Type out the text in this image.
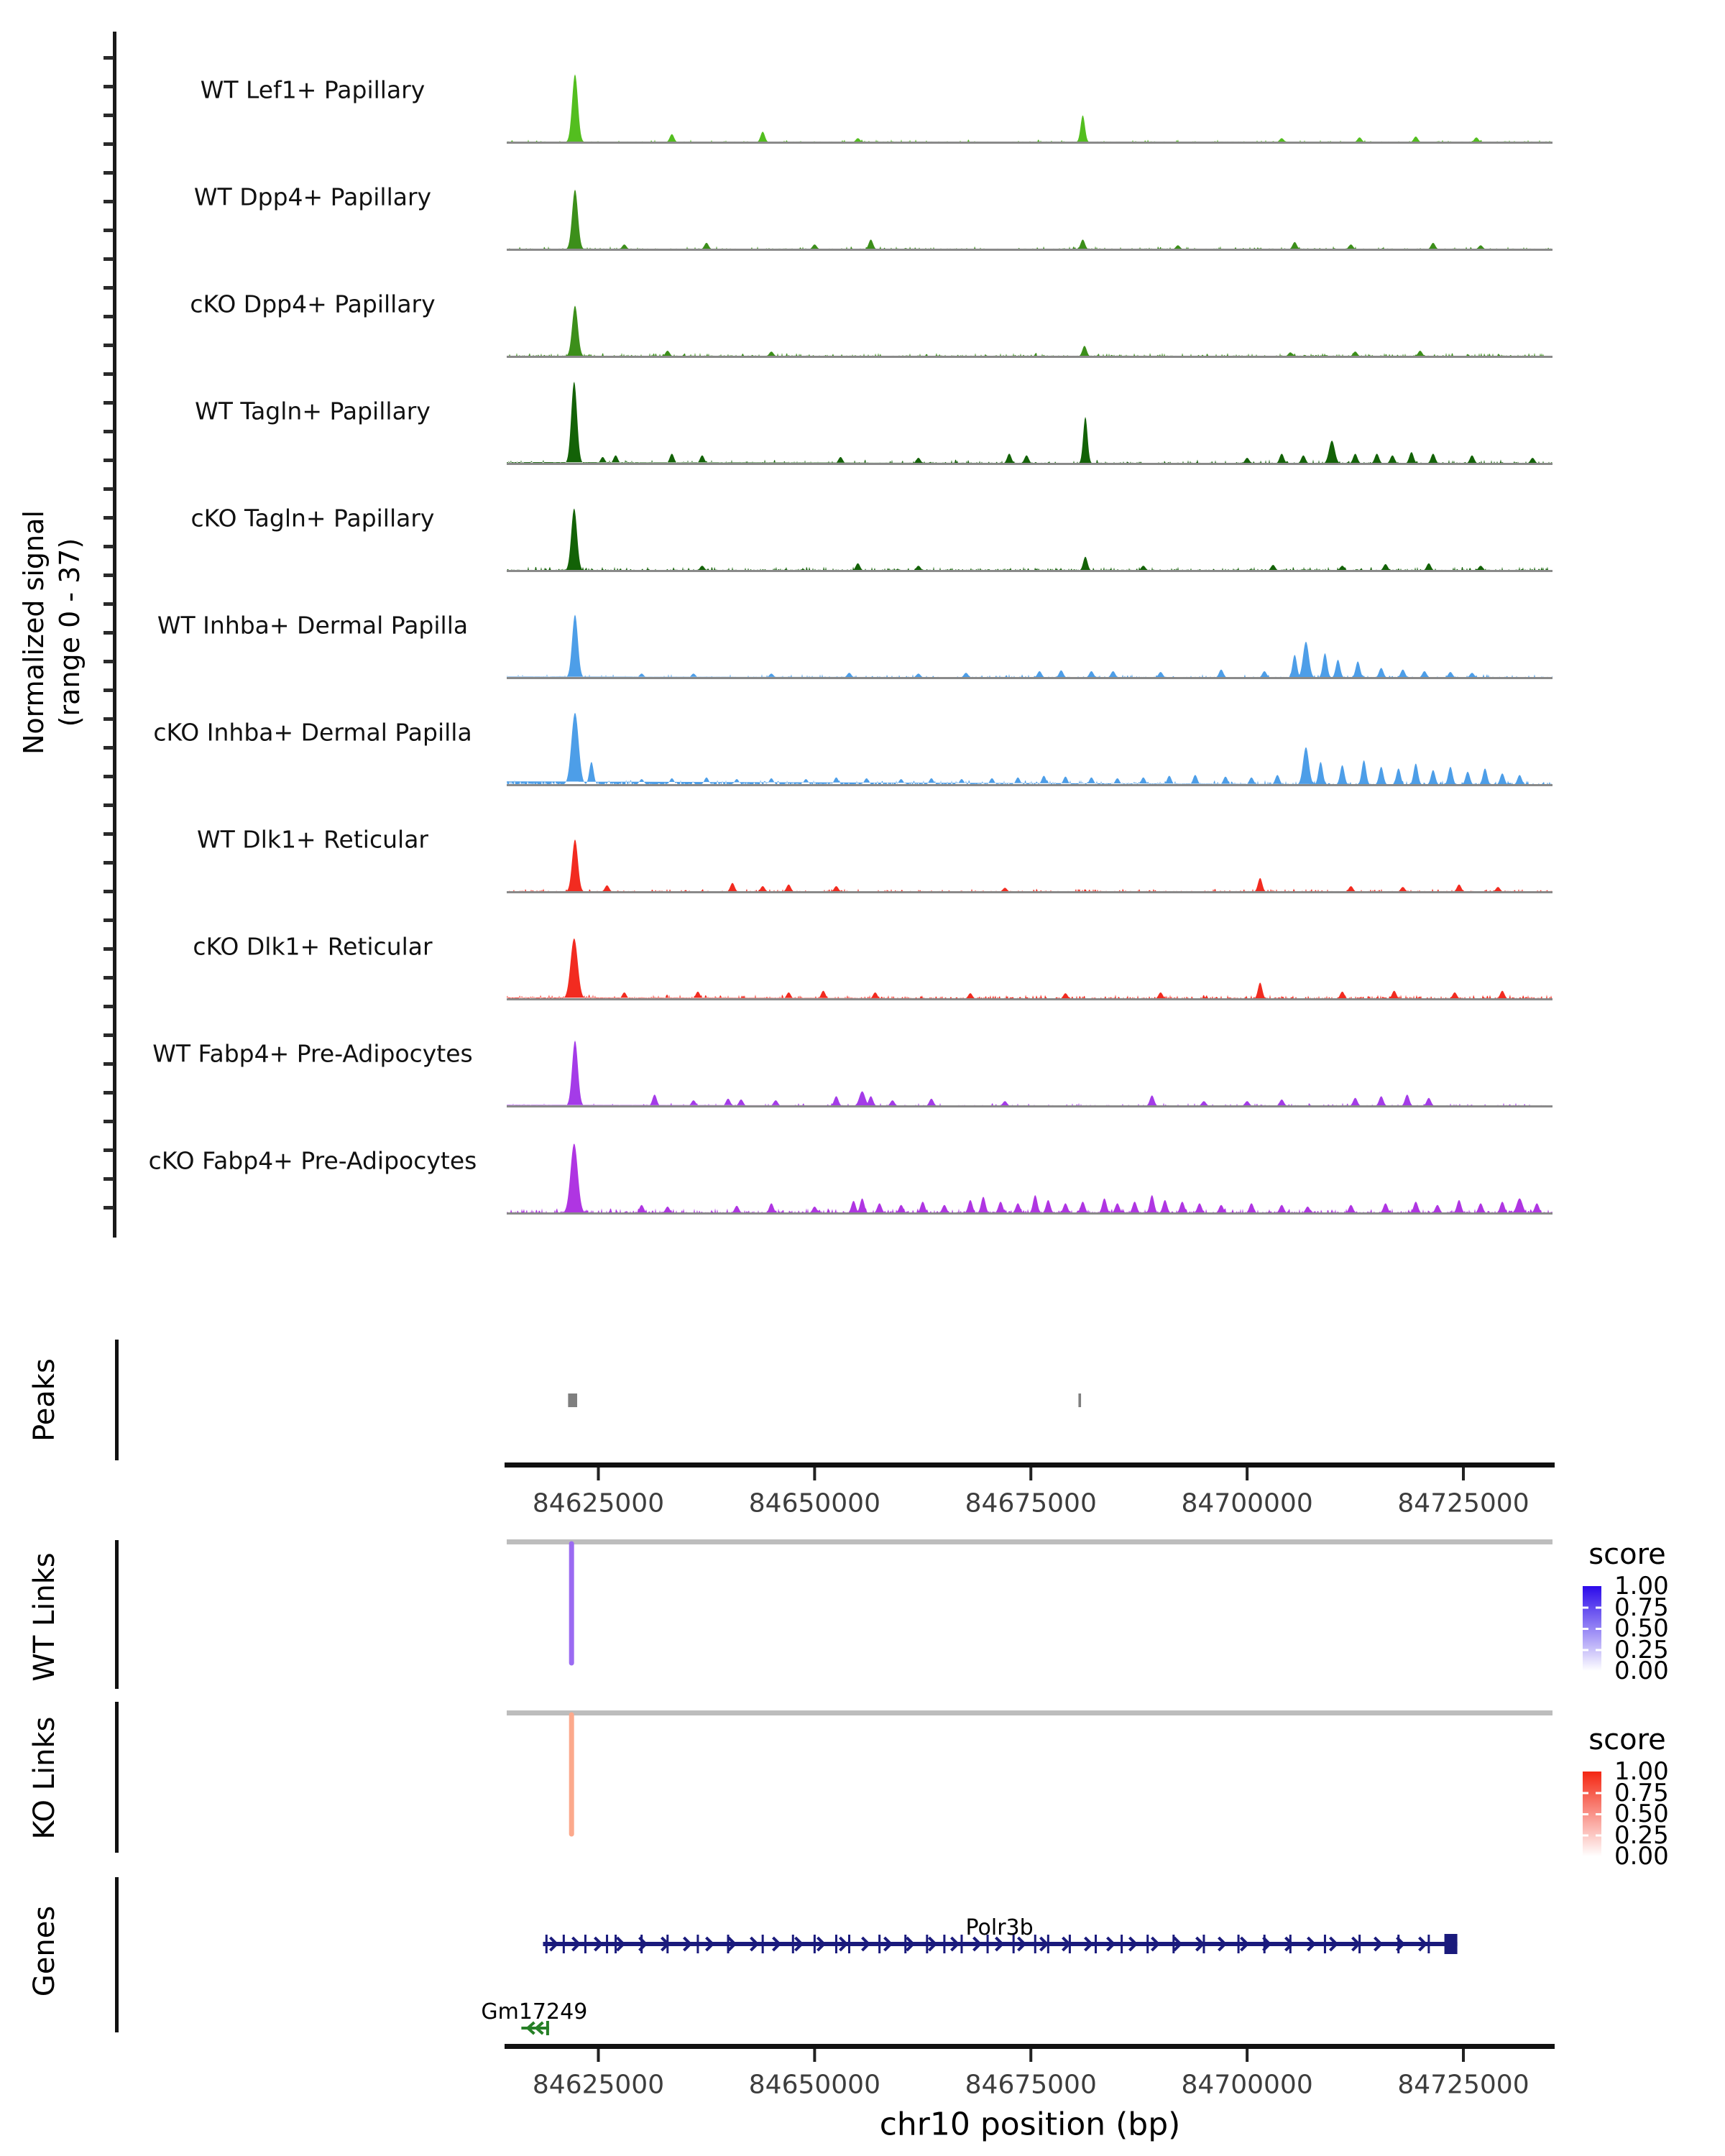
Normalized signal (range 0 - 37)
Peaks
WT Links
KO Links
Genes
WT Lef1+ Papillary
WT Dpp4+ Papillary
cKO Dpp4+ Papillary
WT Tagln+ Papillary
cKO Tagln+ Papillary
WT Inhba+ Dermal Papilla
cKO Inhba+ Dermal Papilla
WT Dlk1+ Reticular
cKO Dlk1+ Reticular
WT Fabp4+ Pre-Adipocytes
cKO Fabp4+ Pre-Adipocytes
84625000	84650000	84675000	84700000	84725000
84625000	84650000	84675000	84700000	84725000
score
1.00
0.75
0.50
0.25
0.00
score
1.00
0.75
0.50
0.25
0.00
Polr3b
Gm17249
chr10 position (bp)
